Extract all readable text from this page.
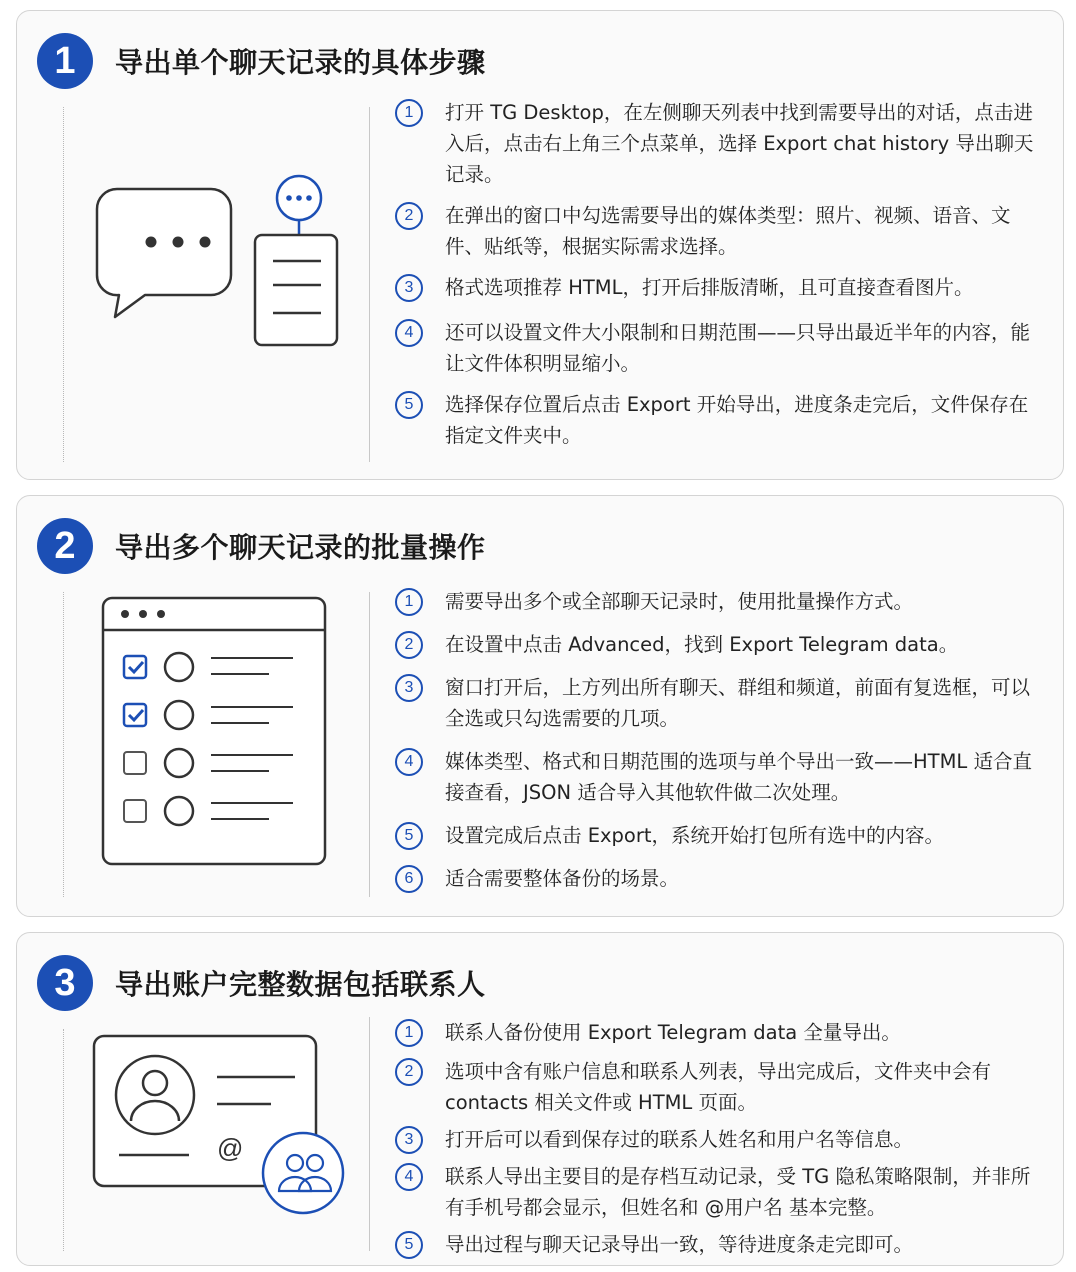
1	导出单个聊天记录的具体步骤
1	打开 TG Desktop，在左侧聊天列表中找到需要导出的对话，点击进入后，点击右上角三个点菜单，选择 Export chat history 导出聊天记录。
2	在弹出的窗口中勾选需要导出的媒体类型：照片、视频、语音、文件、贴纸等，根据实际需求选择。
3	格式选项推荐 HTML，打开后排版清晰，且可直接查看图片。
4	还可以设置文件大小限制和日期范围——只导出最近半年的内容，能让文件体积明显缩小。
5	选择保存位置后点击 Export 开始导出，进度条走完后，文件保存在指定文件夹中。
2	导出多个聊天记录的批量操作
1	需要导出多个或全部聊天记录时，使用批量操作方式。
2	在设置中点击 Advanced，找到 Export Telegram data。
3	窗口打开后，上方列出所有聊天、群组和频道，前面有复选框，可以全选或只勾选需要的几项。
4	媒体类型、格式和日期范围的选项与单个导出一致——HTML 适合直接查看，JSON 适合导入其他软件做二次处理。
5	设置完成后点击 Export，系统开始打包所有选中的内容。
6	适合需要整体备份的场景。
3	导出账户完整数据包括联系人
@
1	联系人备份使用 Export Telegram data 全量导出。
2	选项中含有账户信息和联系人列表，导出完成后，文件夹中会有 contacts 相关文件或 HTML 页面。
3	打开后可以看到保存过的联系人姓名和用户名等信息。
4	联系人导出主要目的是存档互动记录，受 TG 隐私策略限制，并非所有手机号都会显示，但姓名和 @用户名 基本完整。
5	导出过程与聊天记录导出一致，等待进度条走完即可。
